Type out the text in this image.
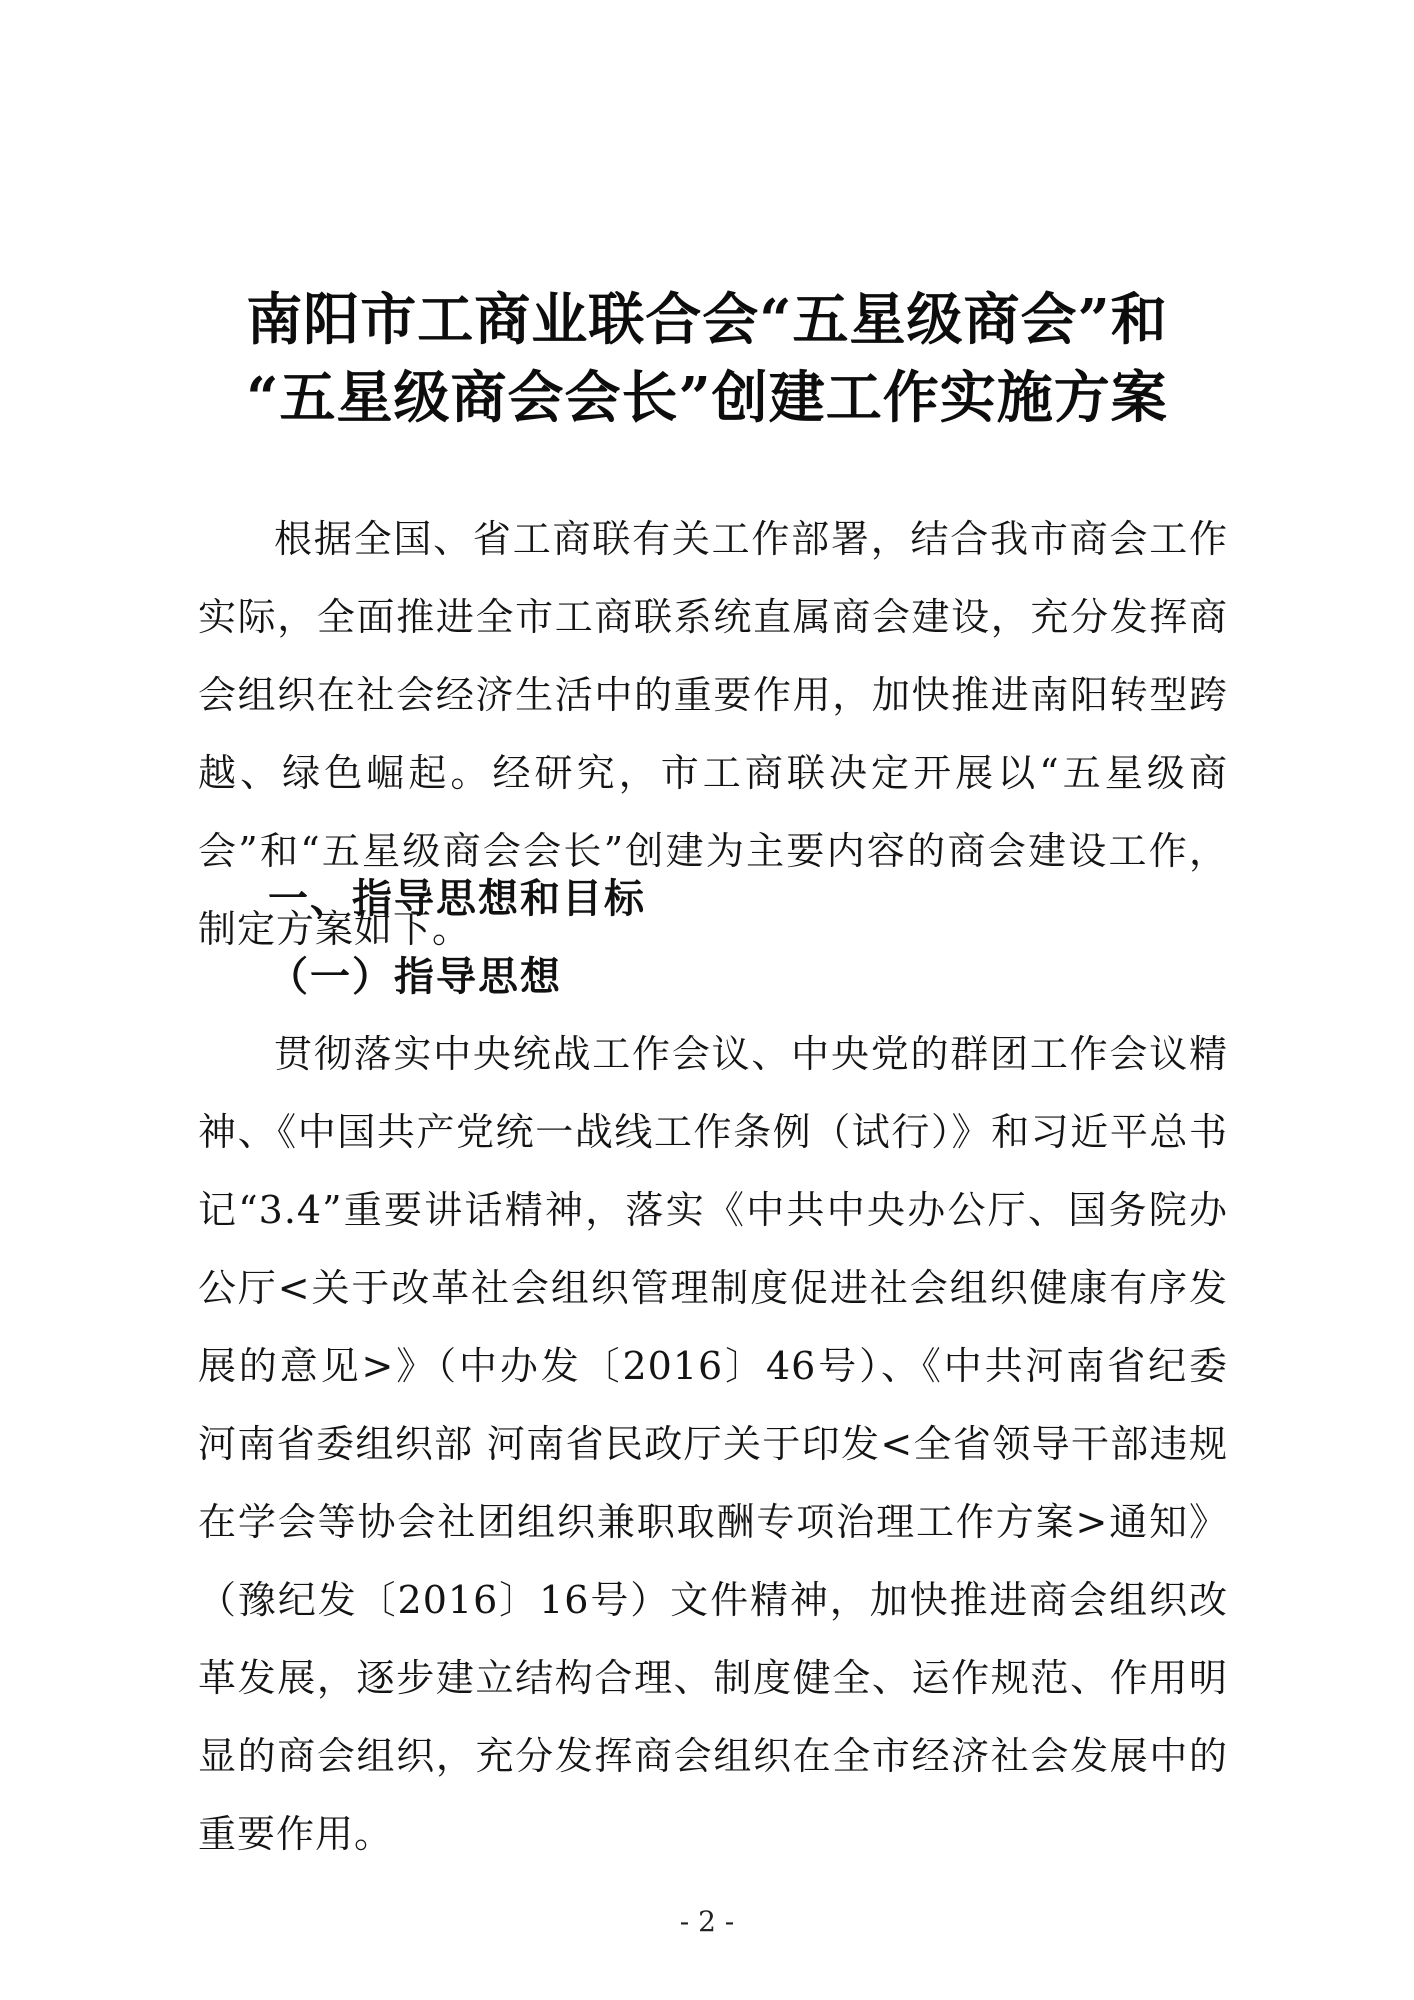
南阳市工商业联合会“五星级商会”和
“五星级商会会长”创建工作实施方案

根据全国、省工商联有关工作部署，结合我市商会工作实际，全面推进全市工商联系统直属商会建设，充分发挥商会组织在社会经济生活中的重要作用，加快推进南阳转型跨越、绿色崛起。经研究，市工商联决定开展以“五星级商会”和“五星级商会会长”创建为主要内容的商会建设工作，制定方案如下。

一、指导思想和目标

（一）指导思想

贯彻落实中央统战工作会议、中央党的群团工作会议精神、《中国共产党统一战线工作条例（试行）》和习近平总书记“3.4”重要讲话精神，落实《中共中央办公厅、国务院办公厅<关于改革社会组织管理制度促进社会组织健康有序发展的意见>》（中办发〔2016〕46号）、《中共河南省纪委 河南省委组织部 河南省民政厅关于印发<全省领导干部违规在学会等协会社团组织兼职取酬专项治理工作方案>通知》（豫纪发〔2016〕16号）文件精神，加快推进商会组织改革发展，逐步建立结构合理、制度健全、运作规范、作用明显的商会组织，充分发挥商会组织在全市经济社会发展中的重要作用。

- 2 -
